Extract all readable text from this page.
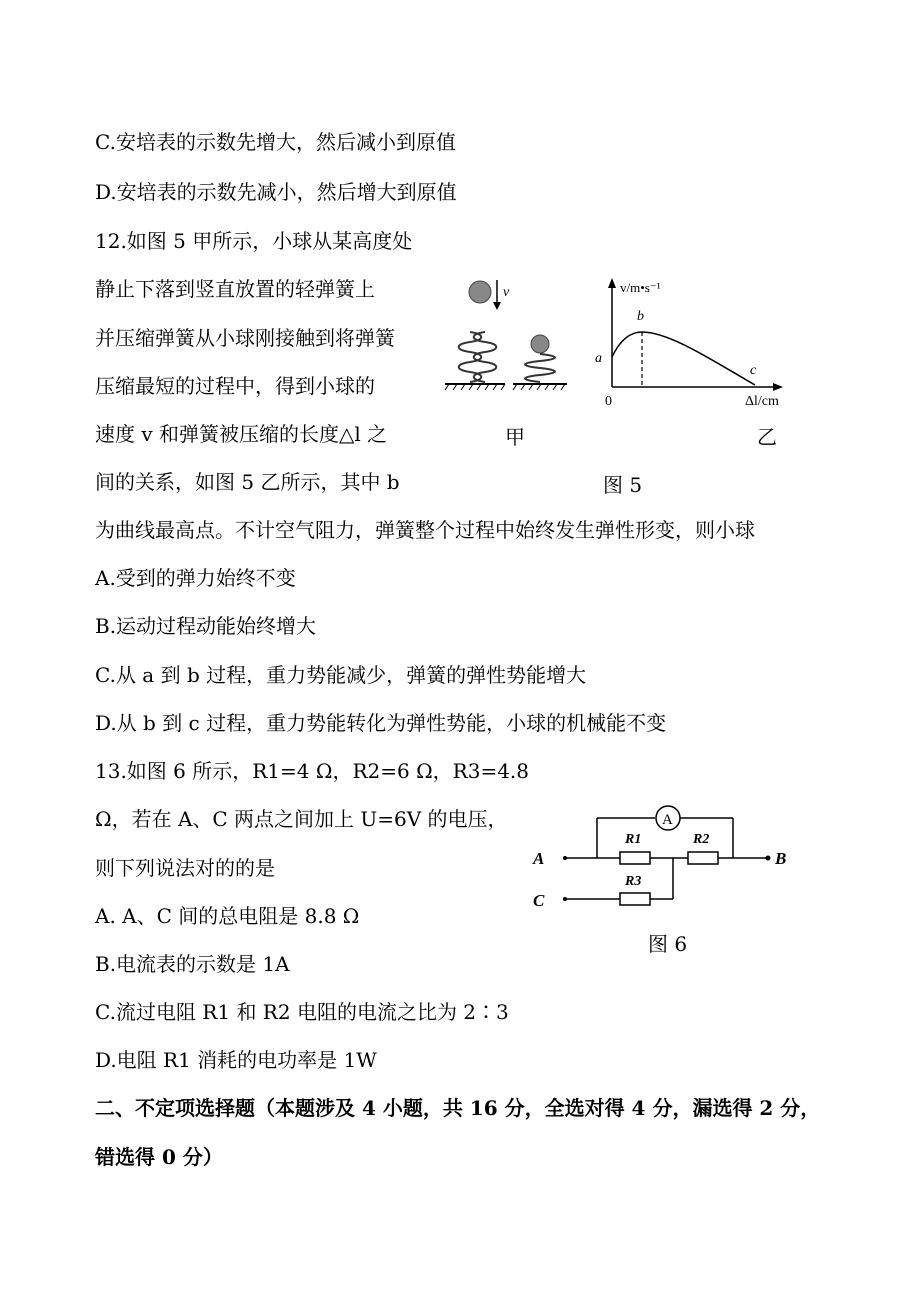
C.安培表的示数先增大，然后减小到原值
D.安培表的示数先减小，然后增大到原值
12.如图 5 甲所示，小球从某高度处
静止下落到竖直放置的轻弹簧上
并压缩弹簧从小球刚接触到将弹簧
压缩最短的过程中，得到小球的
速度 v 和弹簧被压缩的长度△l 之
间的关系，如图 5 乙所示，其中 b
为曲线最高点。不计空气阻力，弹簧整个过程中始终发生弹性形变，则小球
A.受到的弹力始终不变
B.运动过程动能始终增大
C.从 a 到 b 过程，重力势能减少，弹簧的弹性势能增大
D.从 b 到 c 过程，重力势能转化为弹性势能，小球的机械能不变
13.如图 6 所示，R1=4 Ω，R2=6 Ω，R3=4.8
Ω，若在 A、C 两点之间加上 U=6V 的电压，
则下列说法对的的是
A. A、C 间的总电阻是 8.8 Ω
B.电流表的示数是 1A
C.流过电阻 R1 和 R2 电阻的电流之比为 2∶3
D.电阻 R1 消耗的电功率是 1W
二、不定项选择题（本题涉及 4 小题，共 16 分，全选对得 4 分，漏选得 2 分，
错选得 0 分）
v	v/m•s⁻¹
Δl/cm
0
a
b
c
甲	乙
图 5
A
C
B
A
R1	R2
R3
图 6
